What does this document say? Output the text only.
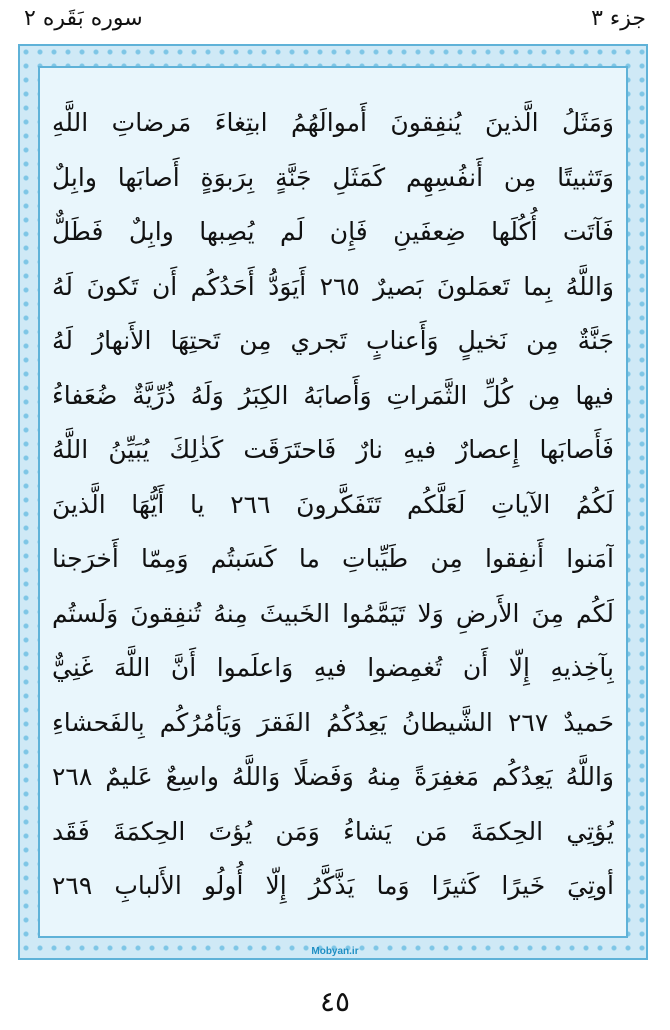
سوره بَقَره ٢	جزء ٣
وَمَثَلُ الَّذينَ يُنفِقونَ أَموالَهُمُ ابتِغاءَ مَرضاتِ اللَّهِ
وَتَثبيتًا مِن أَنفُسِهِم كَمَثَلِ جَنَّةٍ بِرَبوَةٍ أَصابَها وابِلٌ
فَآتَت أُكُلَها ضِعفَينِ فَإِن لَم يُصِبها وابِلٌ فَطَلٌّ
وَاللَّهُ بِما تَعمَلونَ بَصيرٌ ٢٦٥ أَيَوَدُّ أَحَدُكُم أَن تَكونَ لَهُ
جَنَّةٌ مِن نَخيلٍ وَأَعنابٍ تَجري مِن تَحتِهَا الأَنهارُ لَهُ
فيها مِن كُلِّ الثَّمَراتِ وَأَصابَهُ الكِبَرُ وَلَهُ ذُرِّيَّةٌ ضُعَفاءُ
فَأَصابَها إِعصارٌ فيهِ نارٌ فَاحتَرَقَت كَذٰلِكَ يُبَيِّنُ اللَّهُ
لَكُمُ الآياتِ لَعَلَّكُم تَتَفَكَّرونَ ٢٦٦ يا أَيُّهَا الَّذينَ
آمَنوا أَنفِقوا مِن طَيِّباتِ ما كَسَبتُم وَمِمّا أَخرَجنا
لَكُم مِنَ الأَرضِ وَلا تَيَمَّمُوا الخَبيثَ مِنهُ تُنفِقونَ وَلَستُم
بِآخِذيهِ إِلّا أَن تُغمِضوا فيهِ وَاعلَموا أَنَّ اللَّهَ غَنِيٌّ
حَميدٌ ٢٦٧ الشَّيطانُ يَعِدُكُمُ الفَقرَ وَيَأمُرُكُم بِالفَحشاءِ
وَاللَّهُ يَعِدُكُم مَغفِرَةً مِنهُ وَفَضلًا وَاللَّهُ واسِعٌ عَليمٌ ٢٦٨
يُؤتِي الحِكمَةَ مَن يَشاءُ وَمَن يُؤتَ الحِكمَةَ فَقَد
أوتِيَ خَيرًا كَثيرًا وَما يَذَّكَّرُ إِلّا أُولُو الأَلبابِ ٢٦٩
Mobyan.ir
٤٥
